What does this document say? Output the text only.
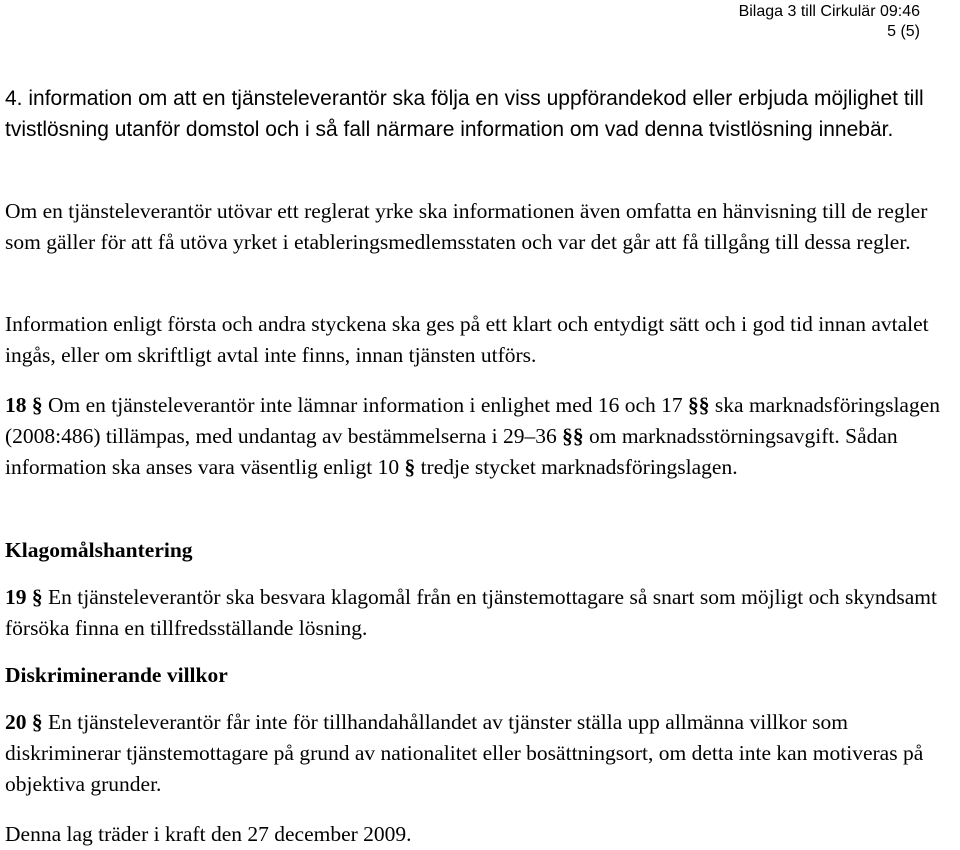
Bilaga 3 till Cirkulär 09:46
5 (5)

4. information om att en tjänsteleverantör ska följa en viss uppförandekod eller erbjuda möjlighet till tvistlösning utanför domstol och i så fall närmare information om vad denna tvistlösning innebär.

Om en tjänsteleverantör utövar ett reglerat yrke ska informationen även omfatta en hänvisning till de regler som gäller för att få utöva yrket i etableringsmedlemsstaten och var det går att få tillgång till dessa regler.

Information enligt första och andra styckena ska ges på ett klart och entydigt sätt och i god tid innan avtalet ingås, eller om skriftligt avtal inte finns, innan tjänsten utförs.

18 § Om en tjänsteleverantör inte lämnar information i enlighet med 16 och 17 §§ ska marknadsföringslagen (2008:486) tillämpas, med undantag av bestämmelserna i 29–36 §§ om marknadsstörningsavgift. Sådan information ska anses vara väsentlig enligt 10 § tredje stycket marknadsföringslagen.

Klagomålshantering

19 § En tjänsteleverantör ska besvara klagomål från en tjänstemottagare så snart som möjligt och skyndsamt försöka finna en tillfredsställande lösning.

Diskriminerande villkor

20 § En tjänsteleverantör får inte för tillhandahållandet av tjänster ställa upp allmänna villkor som diskriminerar tjänstemottagare på grund av nationalitet eller bosättningsort, om detta inte kan motiveras på objektiva grunder.

Denna lag träder i kraft den 27 december 2009.
